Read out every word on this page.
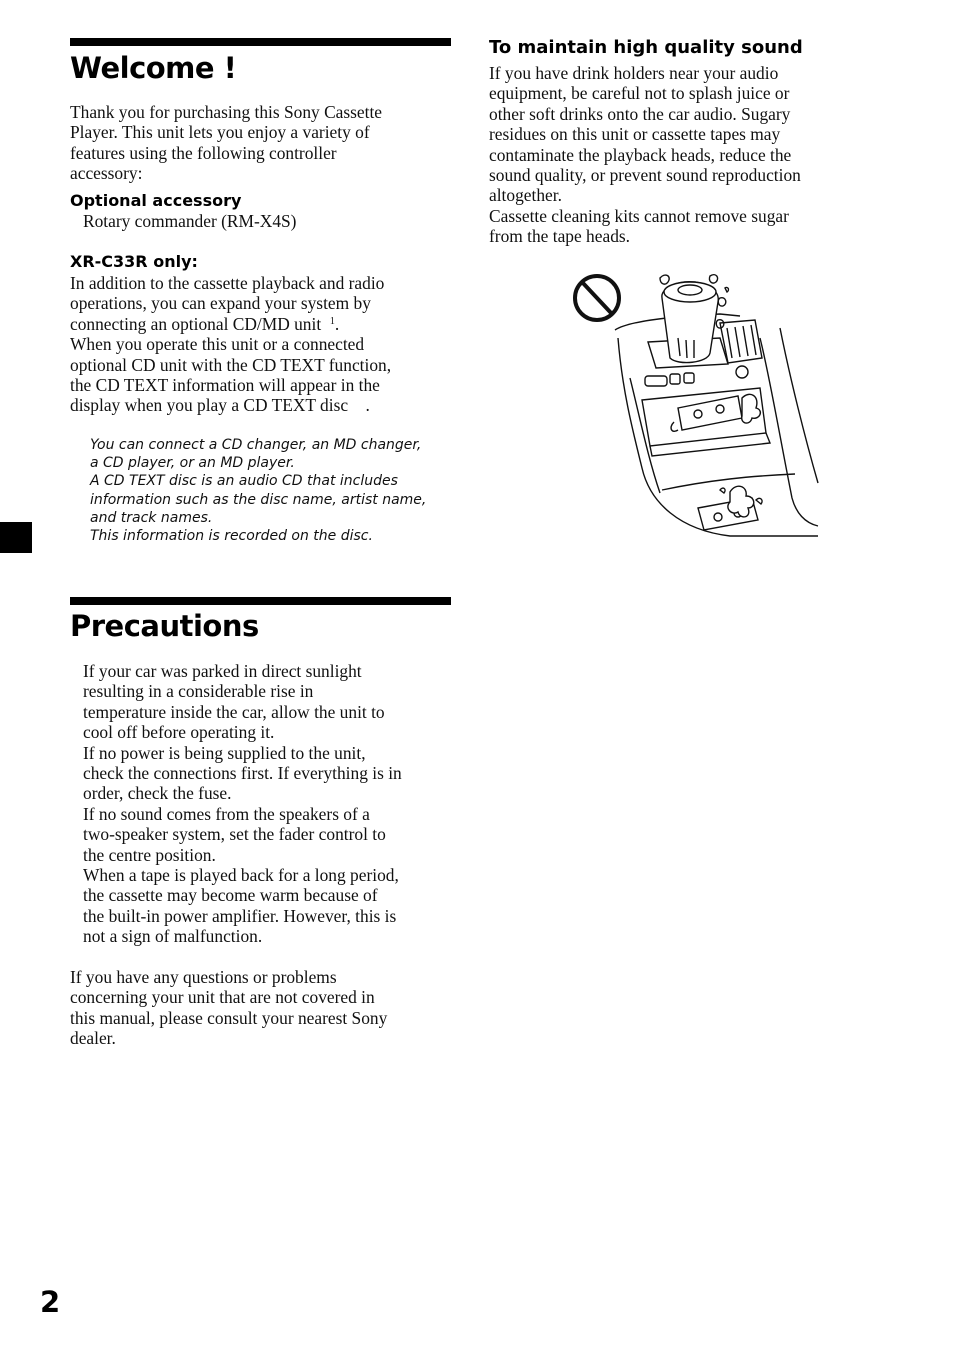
Welcome !
Thank you for purchasing this Sony Cassette
Player. This unit lets you enjoy a variety of
features using the following controller
accessory:
Optional accessory
Rotary commander (RM-X4S)
XR-C33R only:
In addition to the cassette playback and radio
operations, you can expand your system by
connecting an optional CD/MD unit $^1$.
When you operate this unit or a connected
optional CD unit with the CD TEXT function,
the CD TEXT information will appear in the
display when you play a CD TEXT disc .
You can connect a CD changer, an MD changer,
a CD player, or an MD player.
A CD TEXT disc is an audio CD that includes
information such as the disc name, artist name,
and track names.
This information is recorded on the disc.
Precautions
If your car was parked in direct sunlight
resulting in a considerable rise in
temperature inside the car, allow the unit to
cool off before operating it.
If no power is being supplied to the unit,
check the connections first. If everything is in
order, check the fuse.
If no sound comes from the speakers of a
two-speaker system, set the fader control to
the centre position.
When a tape is played back for a long period,
the cassette may become warm because of
the built-in power amplifier. However, this is
not a sign of malfunction.
If you have any questions or problems
concerning your unit that are not covered in
this manual, please consult your nearest Sony
dealer.
To maintain high quality sound
If you have drink holders near your audio
equipment, be careful not to splash juice or
other soft drinks onto the car audio. Sugary
residues on this unit or cassette tapes may
contaminate the playback heads, reduce the
sound quality, or prevent sound reproduction
altogether.
Cassette cleaning kits cannot remove sugar
from the tape heads.
2
